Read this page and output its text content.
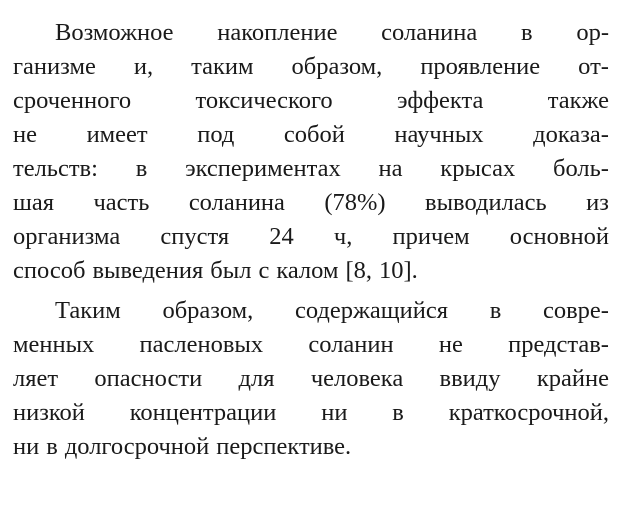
Возможное накопление соланина в ор-
ганизме и, таким образом, проявление от-
сроченного	токсического	эффекта	также
не имеет под собой научных доказа-
тельств: в экспериментах на крысах боль-
шая часть соланина (78%) выводилась из
организма спустя 24 ч, причем основной
способ выведения был с калом [8, 10].
Таким образом, содержащийся в совре-
менных пасленовых соланин не представ-
ляет опасности для человека ввиду крайне
низкой концентрации ни в краткосрочной,
ни в долгосрочной перспективе.
